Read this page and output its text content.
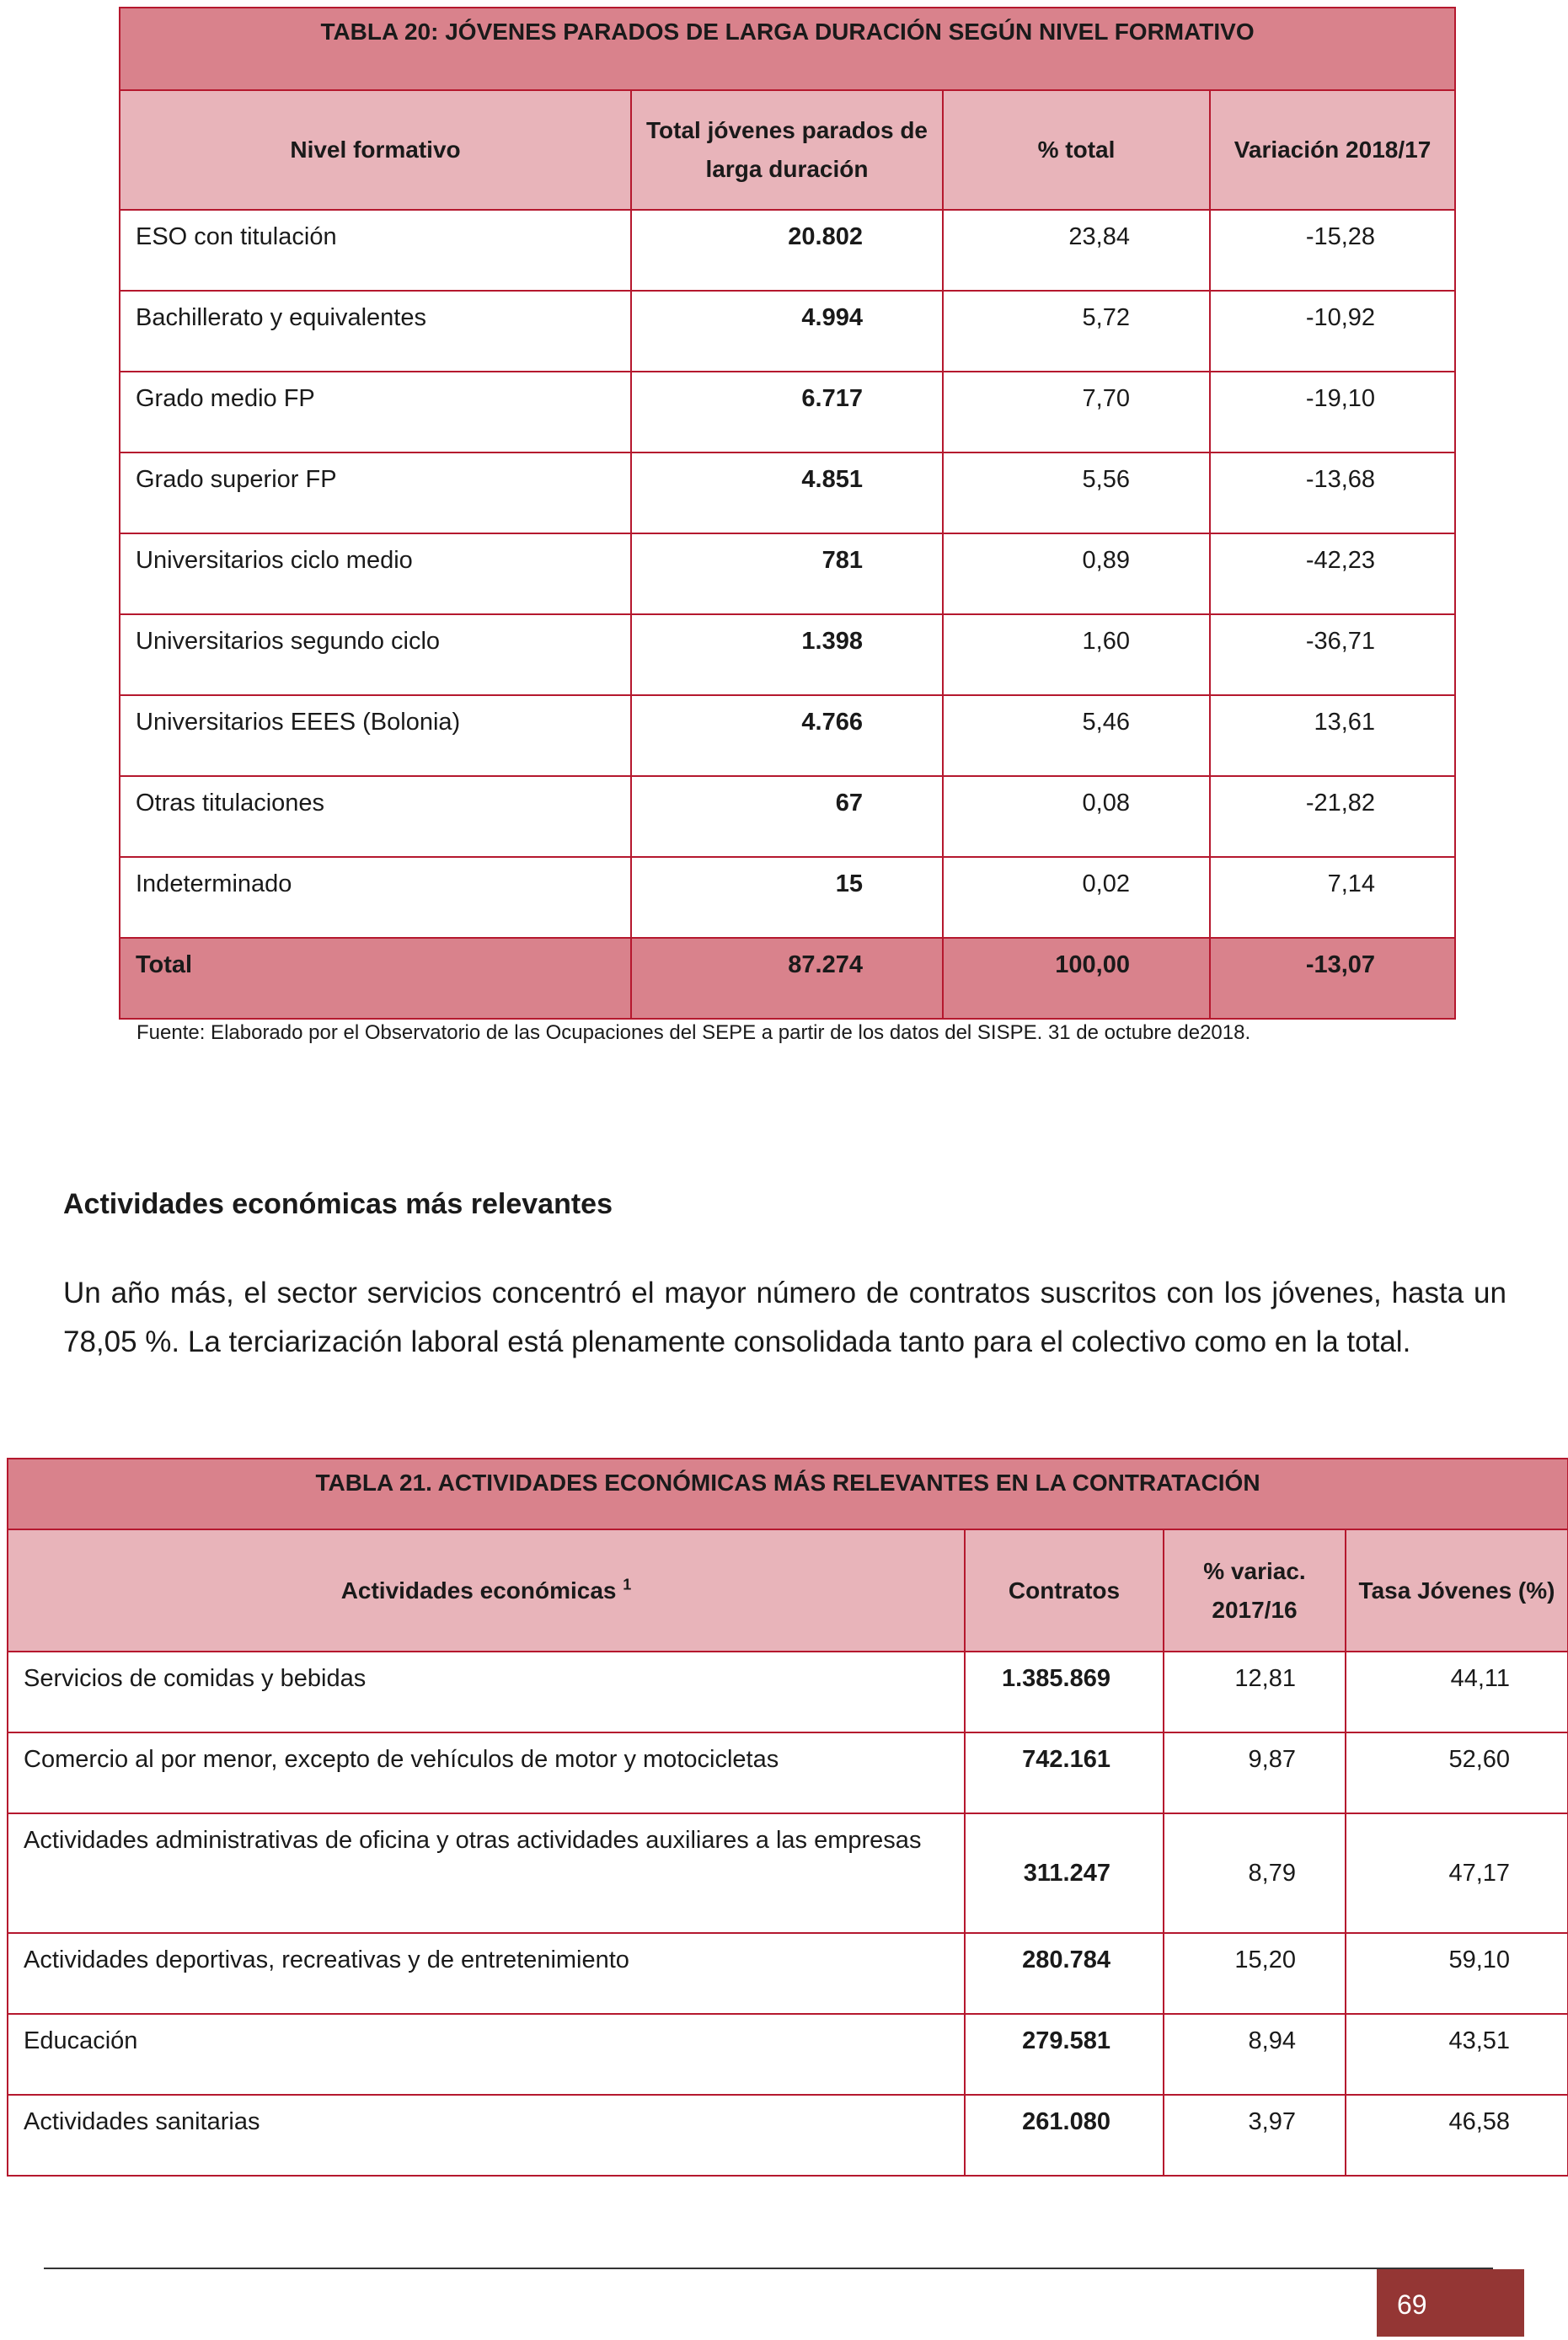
TABLA 20: JÓVENES PARADOS DE LARGA DURACIÓN SEGÚN NIVEL FORMATIVO			
Nivel formativo	Total jóvenes parados de larga duración	% total	Variación 2018/17
ESO con titulación	20.802	23,84	-15,28
Bachillerato y equivalentes	4.994	5,72	-10,92
Grado medio FP	6.717	7,70	-19,10
Grado superior FP	4.851	5,56	-13,68
Universitarios ciclo medio	781	0,89	-42,23
Universitarios segundo ciclo	1.398	1,60	-36,71
Universitarios EEES (Bolonia)	4.766	5,46	13,61
Otras titulaciones	67	0,08	-21,82
Indeterminado	15	0,02	7,14
Total	87.274	100,00	-13,07
Fuente: Elaborado por el Observatorio de las Ocupaciones del SEPE a partir de los datos del SISPE. 31 de octubre de2018.
Actividades económicas más relevantes
Un año más, el sector servicios concentró el mayor número de contratos suscritos con los jóvenes, hasta un 78,05 %. La terciarización laboral está plenamente consolidada tanto para el colectivo como en la total.
TABLA 21. ACTIVIDADES ECONÓMICAS MÁS RELEVANTES EN LA CONTRATACIÓN			
Actividades económicas $^1$	Contratos	% variac. 2017/16	Tasa Jóvenes (%)
Servicios de comidas y bebidas	1.385.869	12,81	44,11
Comercio al por menor, excepto de vehículos de motor y motocicletas	742.161	9,87	52,60
Actividades administrativas de oficina y otras actividades auxiliares a las empresas	311.247	8,79	47,17
Actividades deportivas, recreativas y de entretenimiento	280.784	15,20	59,10
Educación	279.581	8,94	43,51
Actividades sanitarias	261.080	3,97	46,58
69
